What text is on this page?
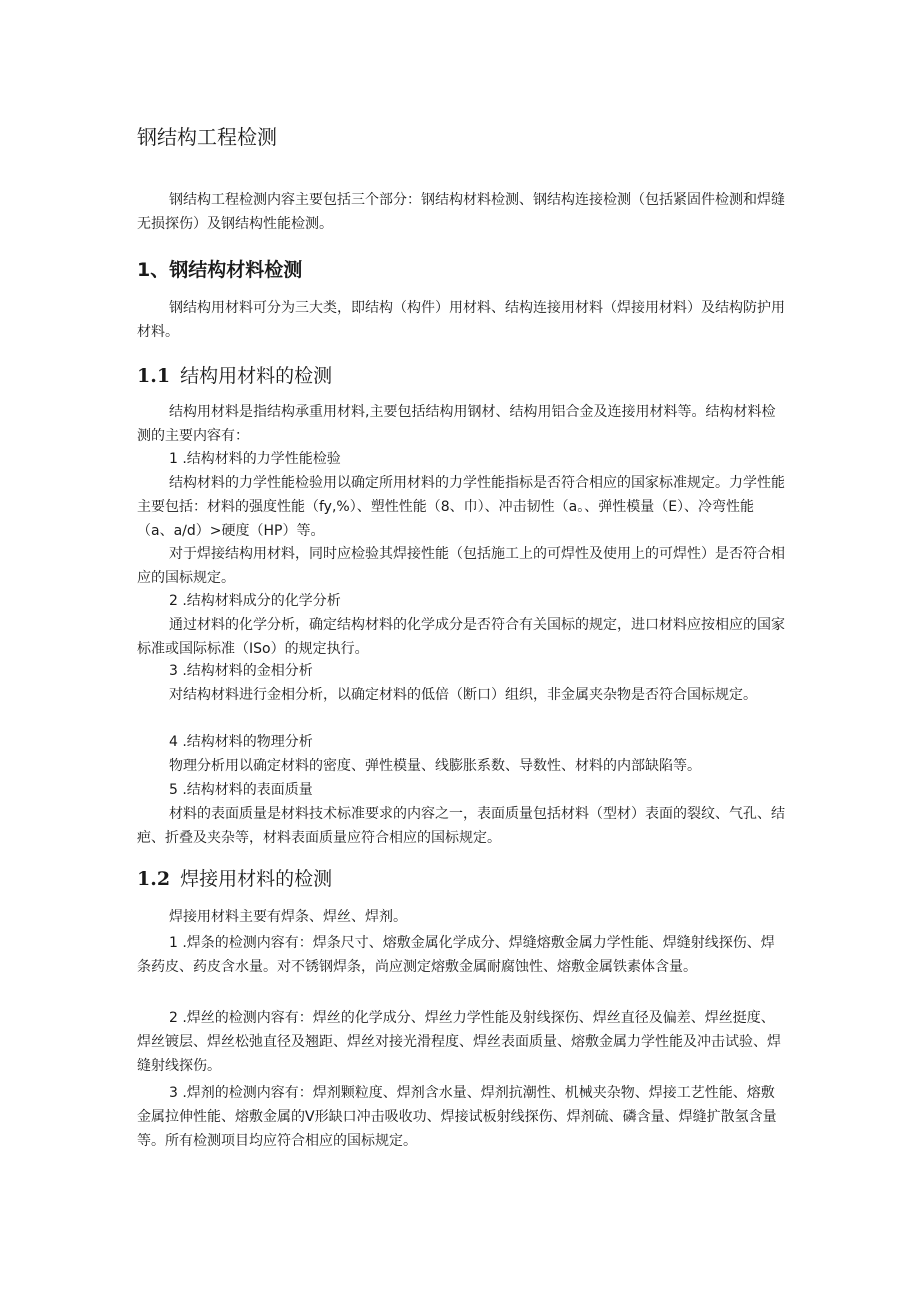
钢结构工程检测

钢结构工程检测内容主要包括三个部分：钢结构材料检测、钢结构连接检测（包括紧固件检测和焊缝无损探伤）及钢结构性能检测。

1、钢结构材料检测

钢结构用材料可分为三大类，即结构（构件）用材料、结构连接用材料（焊接用材料）及结构防护用材料。

1.1 结构用材料的检测

结构用材料是指结构承重用材料,主要包括结构用钢材、结构用铝合金及连接用材料等。结构材料检测的主要内容有：

1 .结构材料的力学性能检验

结构材料的力学性能检验用以确定所用材料的力学性能指标是否符合相应的国家标准规定。力学性能主要包括：材料的强度性能（fy,%）、塑性性能（8、巾）、冲击韧性（a。、弹性模量（E）、冷弯性能（a、a∕d）>硬度（HP）等。

对于焊接结构用材料，同时应检验其焊接性能（包括施工上的可焊性及使用上的可焊性）是否符合相应的国标规定。

2 .结构材料成分的化学分析

通过材料的化学分析，确定结构材料的化学成分是否符合有关国标的规定，进口材料应按相应的国家标准或国际标准（ISo）的规定执行。

3 .结构材料的金相分析

对结构材料进行金相分析，以确定材料的低倍（断口）组织，非金属夹杂物是否符合国标规定。

4 .结构材料的物理分析

物理分析用以确定材料的密度、弹性模量、线膨胀系数、导数性、材料的内部缺陷等。

5 .结构材料的表面质量

材料的表面质量是材料技术标准要求的内容之一，表面质量包括材料（型材）表面的裂纹、气孔、结疤、折叠及夹杂等，材料表面质量应符合相应的国标规定。

1.2 焊接用材料的检测

焊接用材料主要有焊条、焊丝、焊剂。

1 .焊条的检测内容有：焊条尺寸、熔敷金属化学成分、焊缝熔敷金属力学性能、焊缝射线探伤、焊条药皮、药皮含水量。对不锈钢焊条，尚应测定熔敷金属耐腐蚀性、熔敷金属铁素体含量。

2 .焊丝的检测内容有：焊丝的化学成分、焊丝力学性能及射线探伤、焊丝直径及偏差、焊丝挺度、焊丝镀层、焊丝松弛直径及翘距、焊丝对接光滑程度、焊丝表面质量、熔敷金属力学性能及冲击试验、焊缝射线探伤。

3 .焊剂的检测内容有：焊剂颗粒度、焊剂含水量、焊剂抗潮性、机械夹杂物、焊接工艺性能、熔敷金属拉伸性能、熔敷金属的V形缺口冲击吸收功、焊接试板射线探伤、焊剂硫、磷含量、焊缝扩散氢含量等。所有检测项目均应符合相应的国标规定。
